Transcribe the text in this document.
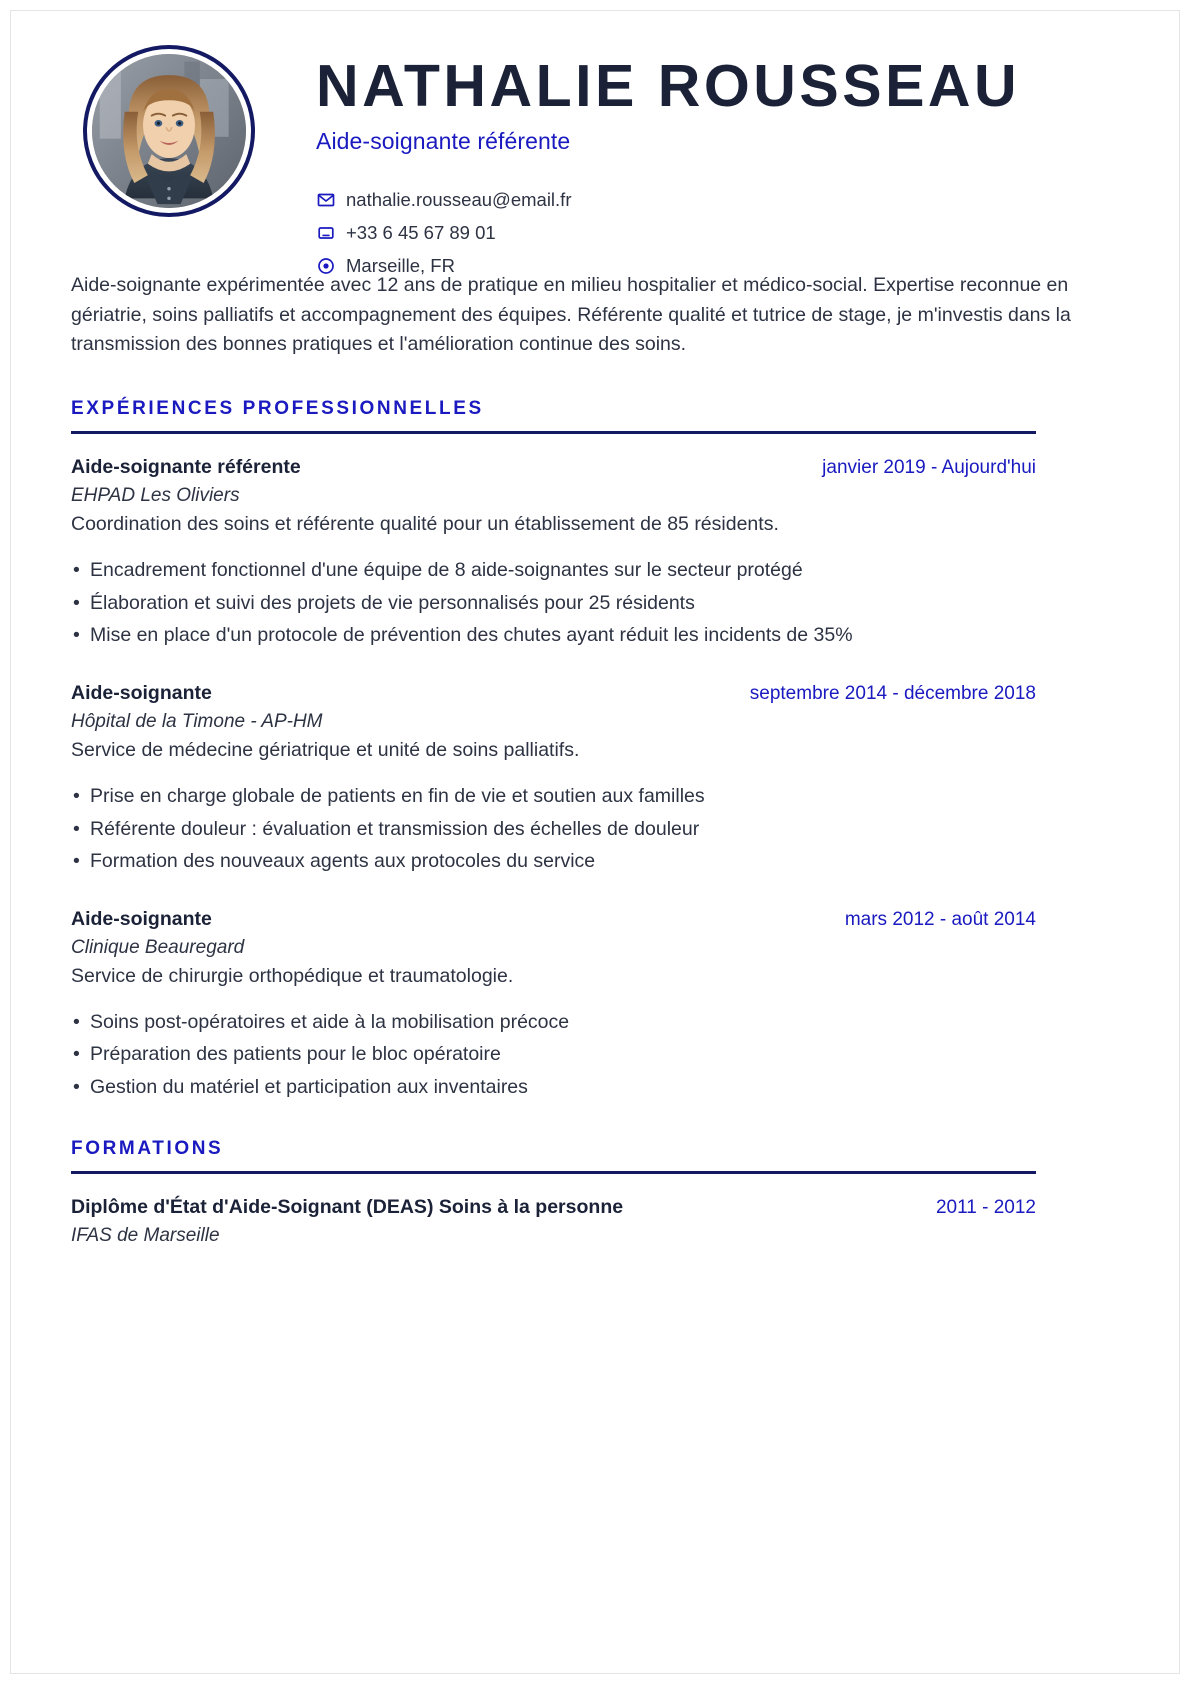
NATHALIE ROUSSEAU
Aide-soignante référente
nathalie.rousseau@email.fr
+33 6 45 67 89 01
Marseille, FR
Aide-soignante expérimentée avec 12 ans de pratique en milieu hospitalier et médico-social. Expertise reconnue en gériatrie, soins palliatifs et accompagnement des équipes. Référente qualité et tutrice de stage, je m'investis dans la transmission des bonnes pratiques et l'amélioration continue des soins.
EXPÉRIENCES PROFESSIONNELLES
Aide-soignante référente	janvier 2019 - Aujourd'hui
EHPAD Les Oliviers
Coordination des soins et référente qualité pour un établissement de 85 résidents.
• Encadrement fonctionnel d'une équipe de 8 aide-soignantes sur le secteur protégé
• Élaboration et suivi des projets de vie personnalisés pour 25 résidents
• Mise en place d'un protocole de prévention des chutes ayant réduit les incidents de 35%
Aide-soignante	septembre 2014 - décembre 2018
Hôpital de la Timone - AP-HM
Service de médecine gériatrique et unité de soins palliatifs.
• Prise en charge globale de patients en fin de vie et soutien aux familles
• Référente douleur : évaluation et transmission des échelles de douleur
• Formation des nouveaux agents aux protocoles du service
Aide-soignante	mars 2012 - août 2014
Clinique Beauregard
Service de chirurgie orthopédique et traumatologie.
• Soins post-opératoires et aide à la mobilisation précoce
• Préparation des patients pour le bloc opératoire
• Gestion du matériel et participation aux inventaires
FORMATIONS
Diplôme d'État d'Aide-Soignant (DEAS) Soins à la personne	2011 - 2012
IFAS de Marseille
